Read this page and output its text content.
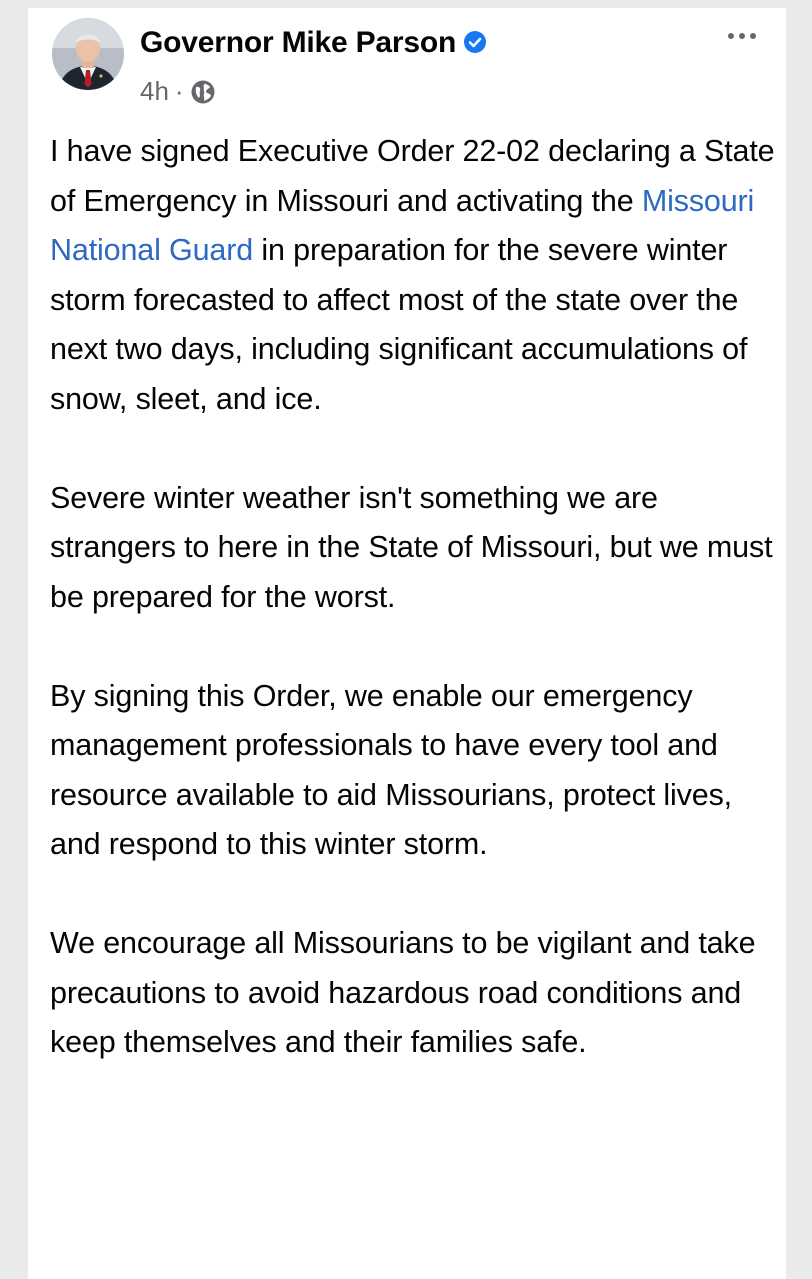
Governor Mike Parson
4h ·

I have signed Executive Order 22-02 declaring a State of Emergency in Missouri and activating the Missouri National Guard in preparation for the severe winter storm forecasted to affect most of the state over the next two days, including significant accumulations of snow, sleet, and ice.

Severe winter weather isn't something we are strangers to here in the State of Missouri, but we must be prepared for the worst.

By signing this Order, we enable our emergency management professionals to have every tool and resource available to aid Missourians, protect lives, and respond to this winter storm.

We encourage all Missourians to be vigilant and take precautions to avoid hazardous road conditions and keep themselves and their families safe.
